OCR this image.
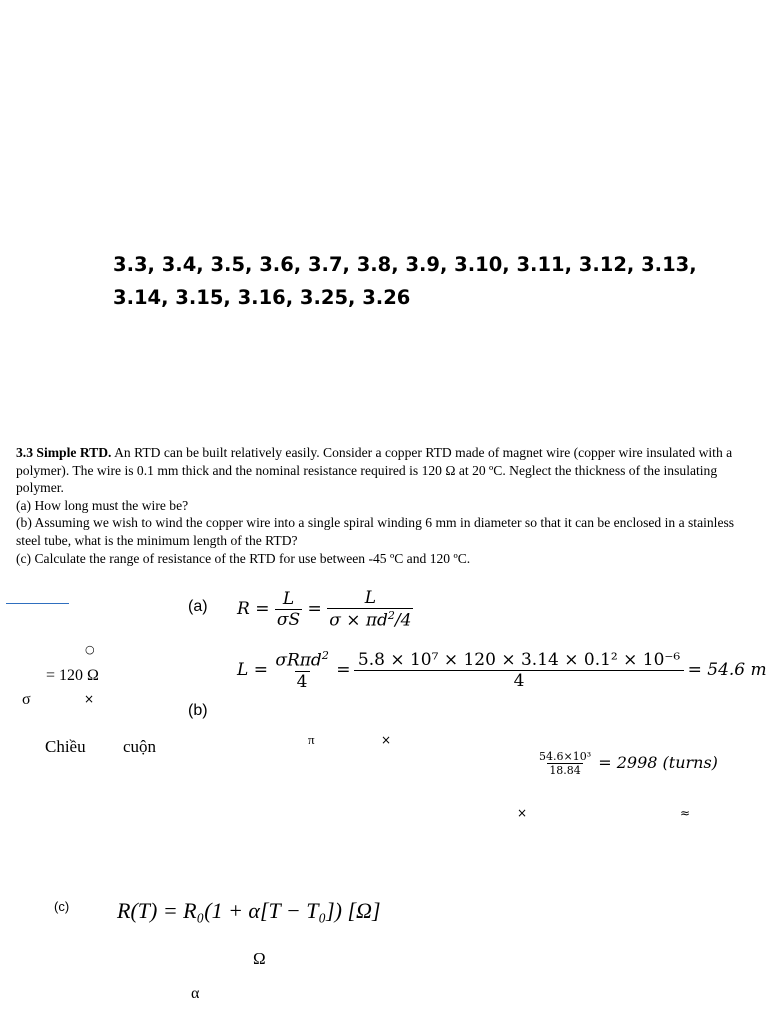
3.3, 3.4, 3.5, 3.6, 3.7, 3.8, 3.9, 3.10, 3.11, 3.12, 3.13, 3.14, 3.15, 3.16, 3.25, 3.26

3.3 Simple RTD. An RTD can be built relatively easily. Consider a copper RTD made of magnet wire (copper wire insulated with a polymer). The wire is 0.1 mm thick and the nominal resistance required is 120 Ω at 20 ºC. Neglect the thickness of the insulating polymer.

(a) How long must the wire be?

(b) Assuming we wish to wind the copper wire into a single spiral winding 6 mm in diameter so that it can be enclosed in a stainless steel tube, what is the minimum length of the RTD?

(c) Calculate the range of resistance of the RTD for use between -45 ºC and 120 ºC.

(a) $R = \frac{L}{\sigma S} = \frac{L}{\sigma \times \pi d^2/4}$
$L = \frac{\sigma R\pi d^2}{4} = \frac{\text{5.8 × 10⁷ × 120 × 3.14 × 0.1² × 10⁻⁶}}{4} = 54.6$ m
○
= 120 Ω
σ	×
(b)
Chiều cuộn	π	×
$\frac{\text{54.6×10³}}{18.84} = 2998$ (turns)
×	≈
(c) R(T) = R₀(1 + α[T − T₀]) [Ω]
Ω
α
